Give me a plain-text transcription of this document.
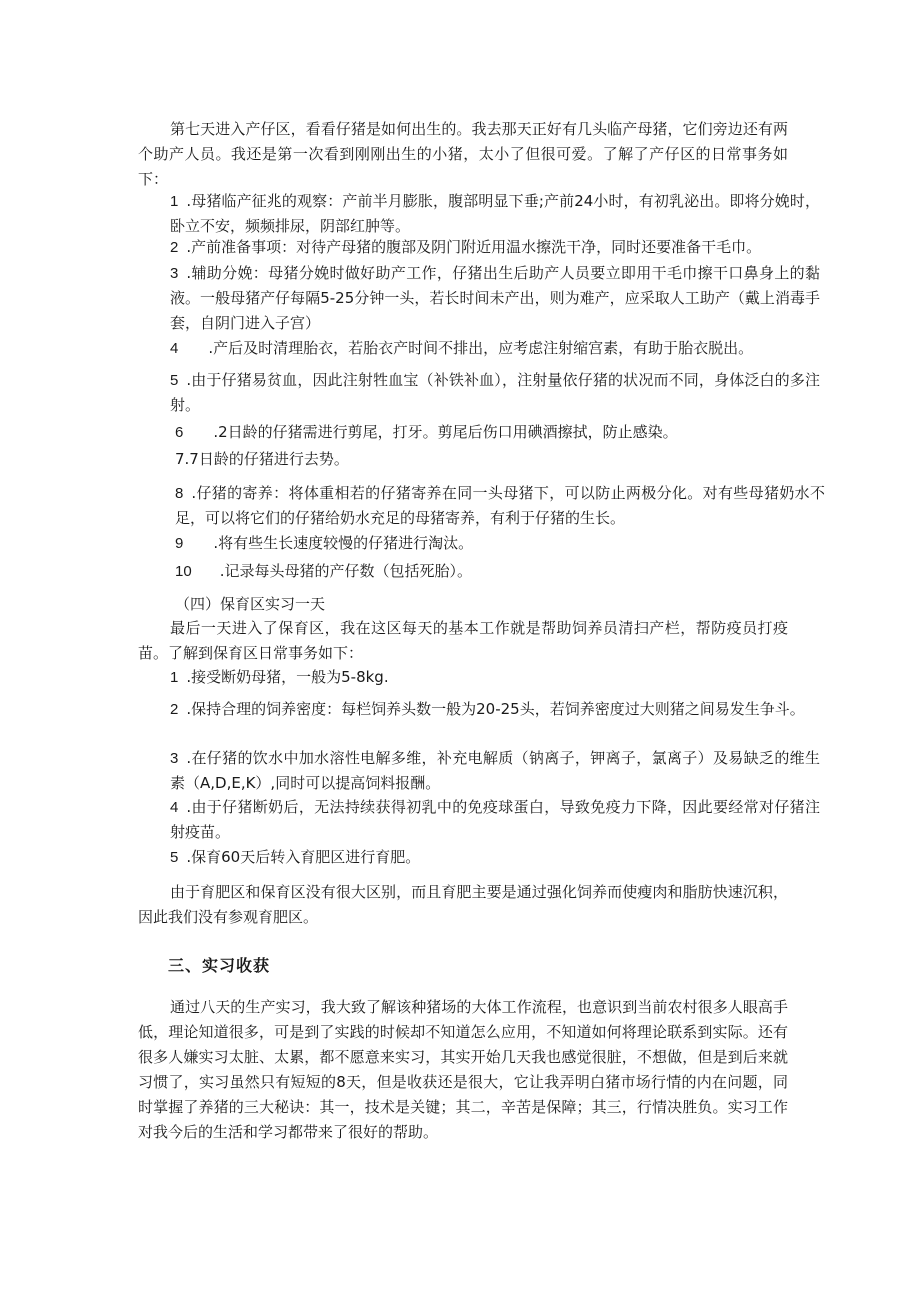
第七天进入产仔区，看看仔猪是如何出生的。我去那天正好有几头临产母猪，它们旁边还有两个助产人员。我还是第一次看到刚刚出生的小猪，太小了但很可爱。了解了产仔区的日常事务如下：

1 .母猪临产征兆的观察：产前半月膨胀，腹部明显下垂;产前24小时，有初乳泌出。即将分娩时，卧立不安，频频排尿，阴部红肿等。

2 .产前准备事项：对待产母猪的腹部及阴门附近用温水擦洗干净，同时还要准备干毛巾。

3 .辅助分娩：母猪分娩时做好助产工作，仔猪出生后助产人员要立即用干毛巾擦干口鼻身上的黏液。一般母猪产仔每隔5-25分钟一头，若长时间未产出，则为难产，应采取人工助产（戴上消毒手套，自阴门进入子宫）

4 .产后及时清理胎衣，若胎衣产时间不排出，应考虑注射缩宫素，有助于胎衣脱出。

5 .由于仔猪易贫血，因此注射牲血宝（补铁补血），注射量依仔猪的状况而不同，身体泛白的多注射。

6 .2日龄的仔猪需进行剪尾，打牙。剪尾后伤口用碘酒擦拭，防止感染。

7.7日龄的仔猪进行去势。

8 .仔猪的寄养：将体重相若的仔猪寄养在同一头母猪下，可以防止两极分化。对有些母猪奶水不足，可以将它们的仔猪给奶水充足的母猪寄养，有利于仔猪的生长。

9 .将有些生长速度较慢的仔猪进行淘汰。

10 .记录每头母猪的产仔数（包括死胎）。

（四）保育区实习一天

最后一天进入了保育区，我在这区每天的基本工作就是帮助饲养员清扫产栏，帮防疫员打疫苗。了解到保育区日常事务如下：

1 .接受断奶母猪，一般为5-8kg.

2 .保持合理的饲养密度：每栏饲养头数一般为20-25头，若饲养密度过大则猪之间易发生争斗。

3 .在仔猪的饮水中加水溶性电解多维，补充电解质（钠离子，钾离子，氯离子）及易缺乏的维生素（A,D,E,K）,同时可以提高饲料报酬。

4 .由于仔猪断奶后，无法持续获得初乳中的免疫球蛋白，导致免疫力下降，因此要经常对仔猪注射疫苗。

5 .保育60天后转入育肥区进行育肥。

由于育肥区和保育区没有很大区别，而且育肥主要是通过强化饲养而使瘦肉和脂肪快速沉积，因此我们没有参观育肥区。

三、实习收获

通过八天的生产实习，我大致了解该种猪场的大体工作流程，也意识到当前农村很多人眼高手低，理论知道很多，可是到了实践的时候却不知道怎么应用，不知道如何将理论联系到实际。还有很多人嫌实习太脏、太累，都不愿意来实习，其实开始几天我也感觉很脏，不想做，但是到后来就习惯了，实习虽然只有短短的8天，但是收获还是很大，它让我弄明白猪市场行情的内在问题，同时掌握了养猪的三大秘诀：其一，技术是关键；其二，辛苦是保障；其三，行情决胜负。实习工作对我今后的生活和学习都带来了很好的帮助。
